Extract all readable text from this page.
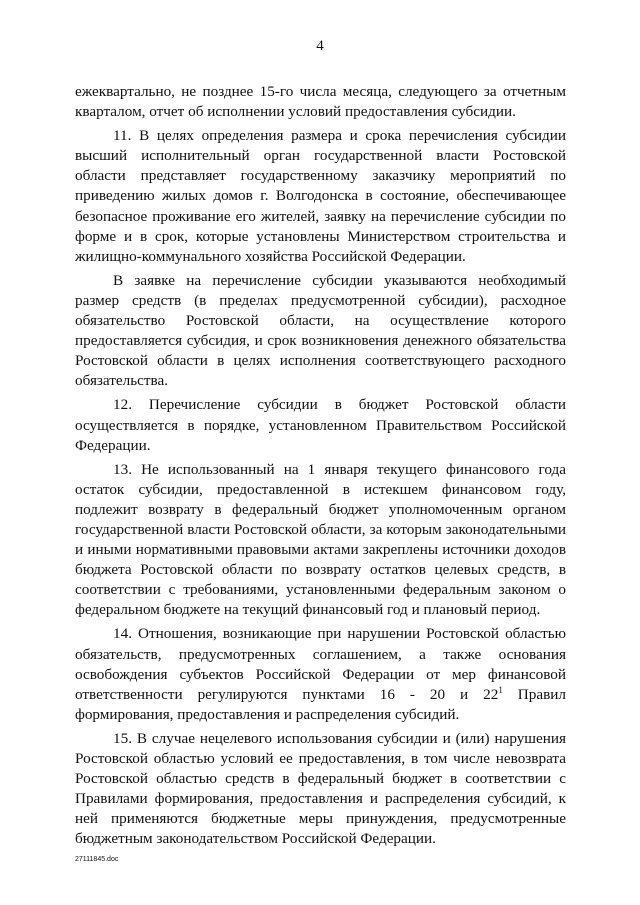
4

ежеквартально, не позднее 15-го числа месяца, следующего за отчетным кварталом, отчет об исполнении условий предоставления субсидии.

11. В целях определения размера и срока перечисления субсидии высший исполнительный орган государственной власти Ростовской области представляет государственному заказчику мероприятий по приведению жилых домов г. Волгодонска в состояние, обеспечивающее безопасное проживание его жителей, заявку на перечисление субсидии по форме и в срок, которые установлены Министерством строительства и жилищно-коммунального хозяйства Российской Федерации.

В заявке на перечисление субсидии указываются необходимый размер средств (в пределах предусмотренной субсидии), расходное обязательство Ростовской области, на осуществление которого предоставляется субсидия, и срок возникновения денежного обязательства Ростовской области в целях исполнения соответствующего расходного обязательства.

12. Перечисление субсидии в бюджет Ростовской области осуществляется в порядке, установленном Правительством Российской Федерации.

13. Не использованный на 1 января текущего финансового года остаток субсидии, предоставленной в истекшем финансовом году, подлежит возврату в федеральный бюджет уполномоченным органом государственной власти Ростовской области, за которым законодательными и иными нормативными правовыми актами закреплены источники доходов бюджета Ростовской области по возврату остатков целевых средств, в соответствии с требованиями, установленными федеральным законом о федеральном бюджете на текущий финансовый год и плановый период.

14. Отношения, возникающие при нарушении Ростовской областью обязательств, предусмотренных соглашением, а также основания освобождения субъектов Российской Федерации от мер финансовой ответственности регулируются пунктами 16 - 20 и $22^1$ Правил формирования, предоставления и распределения субсидий.

15. В случае нецелевого использования субсидии и (или) нарушения Ростовской областью условий ее предоставления, в том числе невозврата Ростовской областью средств в федеральный бюджет в соответствии с Правилами формирования, предоставления и распределения субсидий, к ней применяются бюджетные меры принуждения, предусмотренные бюджетным законодательством Российской Федерации.

27111845.doc
